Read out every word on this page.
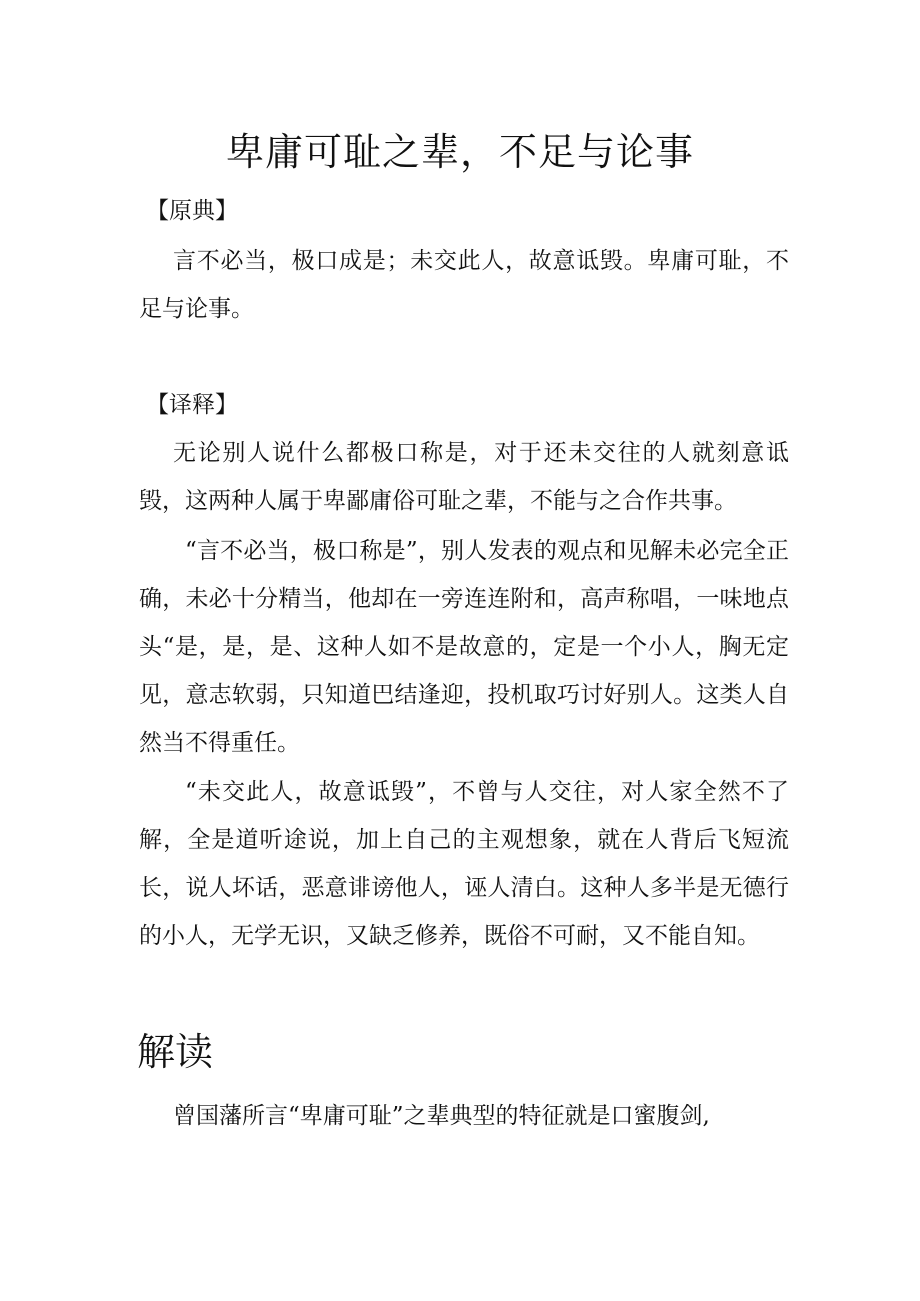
卑庸可耻之辈，不足与论事

【原典】

言不必当，极口成是；未交此人，故意诋毁。卑庸可耻，不足与论事。

【译释】

无论别人说什么都极口称是，对于还未交往的人就刻意诋毁，这两种人属于卑鄙庸俗可耻之辈，不能与之合作共事。

“言不必当，极口称是”，别人发表的观点和见解未必完全正确，未必十分精当，他却在一旁连连附和，高声称唱，一味地点头“是，是，是、这种人如不是故意的，定是一个小人，胸无定见，意志软弱，只知道巴结逢迎，投机取巧讨好别人。这类人自然当不得重任。

“未交此人，故意诋毁”，不曾与人交往，对人家全然不了解，全是道听途说，加上自己的主观想象，就在人背后飞短流长，说人坏话，恶意诽谤他人，诬人清白。这种人多半是无德行的小人，无学无识，又缺乏修养，既俗不可耐，又不能自知。

解读

曾国藩所言“卑庸可耻”之辈典型的特征就是口蜜腹剑,
